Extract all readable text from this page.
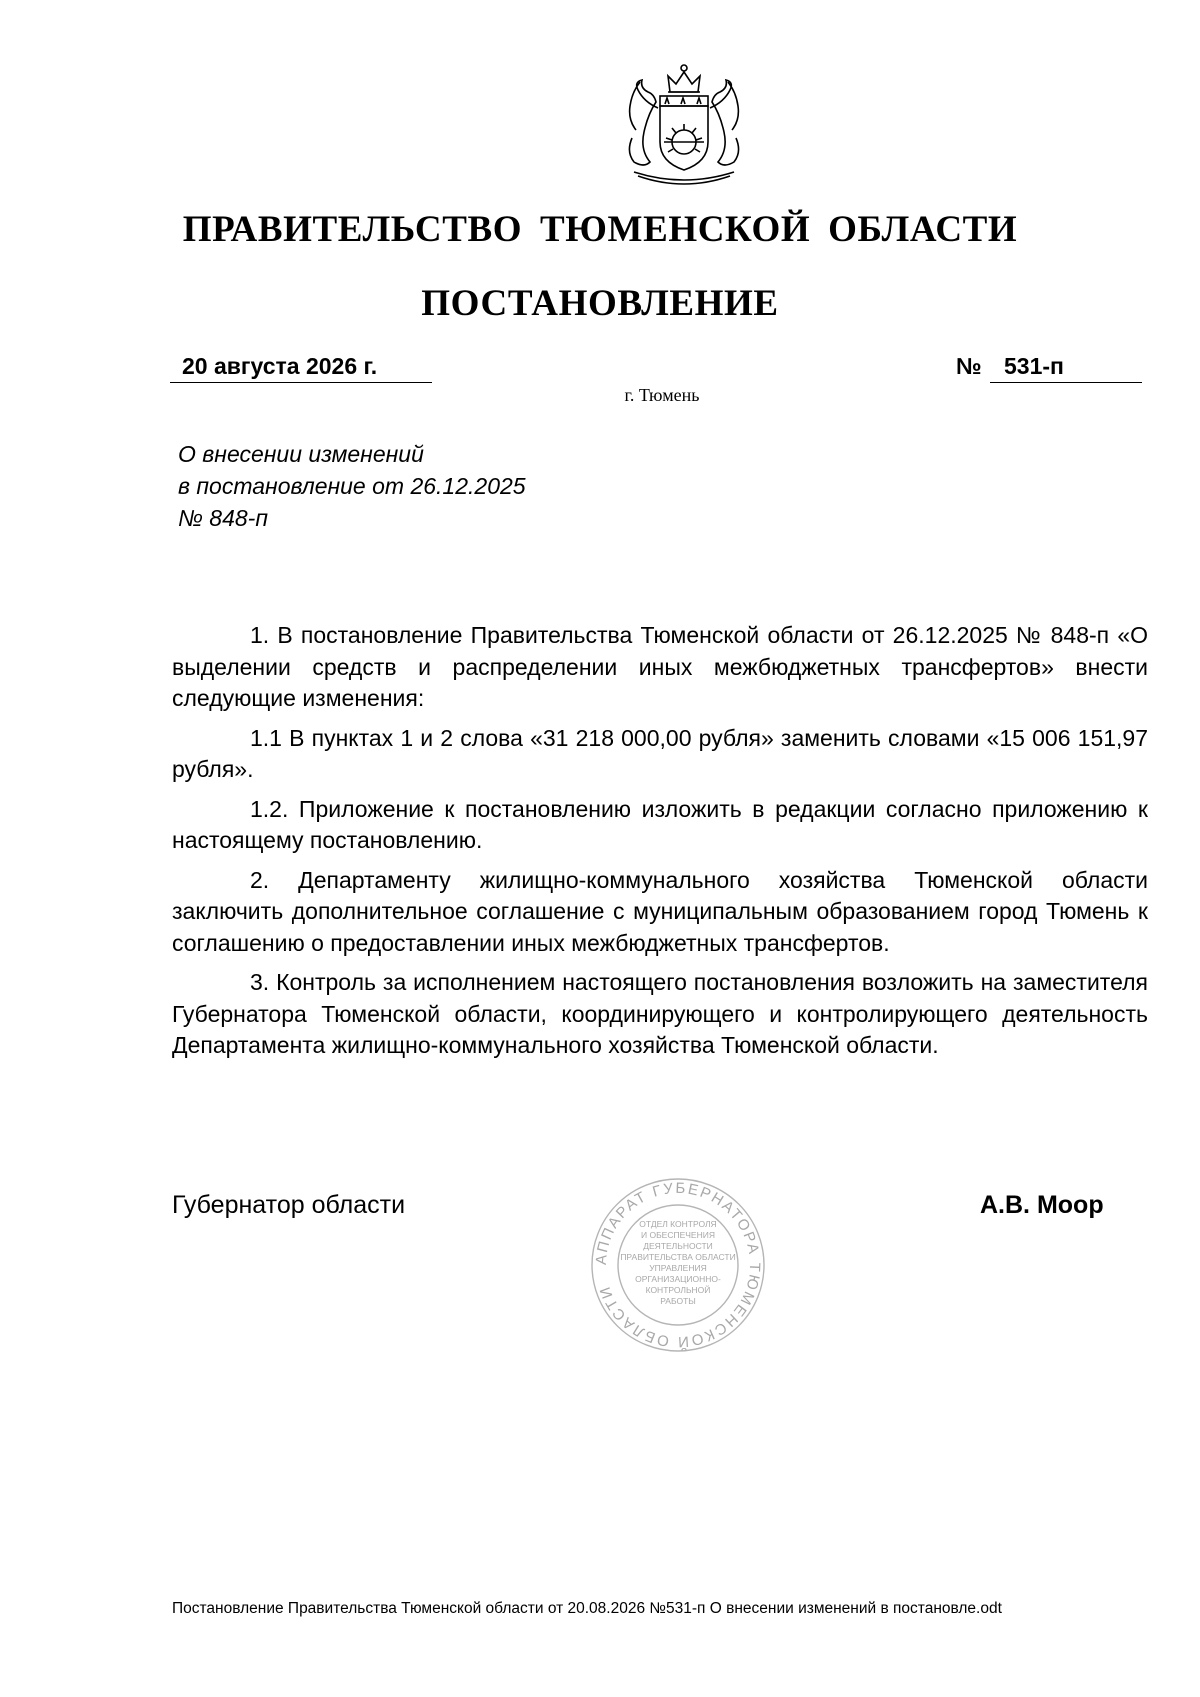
ПРАВИТЕЛЬСТВО ТЮМЕНСКОЙ ОБЛАСТИ
ПОСТАНОВЛЕНИЕ
20 августа 2026 г.	№ 531-п
г. Тюмень
О внесении изменений
в постановление от 26.12.2025
№ 848-п

1. В постановление Правительства Тюменской области от 26.12.2025 № 848-п «О выделении средств и распределении иных межбюджетных трансфертов» внести следующие изменения:

1.1 В пунктах 1 и 2 слова «31 218 000,00 рубля» заменить словами «15 006 151,97 рубля».

1.2. Приложение к постановлению изложить в редакции согласно приложению к настоящему постановлению.

2. Департаменту жилищно-коммунального хозяйства Тюменской области заключить дополнительное соглашение с муниципальным образованием город Тюмень к соглашению о предоставлении иных межбюджетных трансфертов.

3. Контроль за исполнением настоящего постановления возложить на заместителя Губернатора Тюменской области, координирующего и контролирующего деятельность Департамента жилищно-коммунального хозяйства Тюменской области.

Губернатор области	А.В. Моор
АППАРАТ ГУБЕРНАТОРА ТЮМЕНСКОЙ ОБЛАСТИ
ОТДЕЛ КОНТРОЛЯ
И ОБЕСПЕЧЕНИЯ
ДЕЯТЕЛЬНОСТИ
ПРАВИТЕЛЬСТВА ОБЛАСТИ
УПРАВЛЕНИЯ
ОРГАНИЗАЦИОННО-
КОНТРОЛЬНОЙ
РАБОТЫ
Постановление Правительства Тюменской области от 20.08.2026 №531-п О внесении изменений в постановле.odt
